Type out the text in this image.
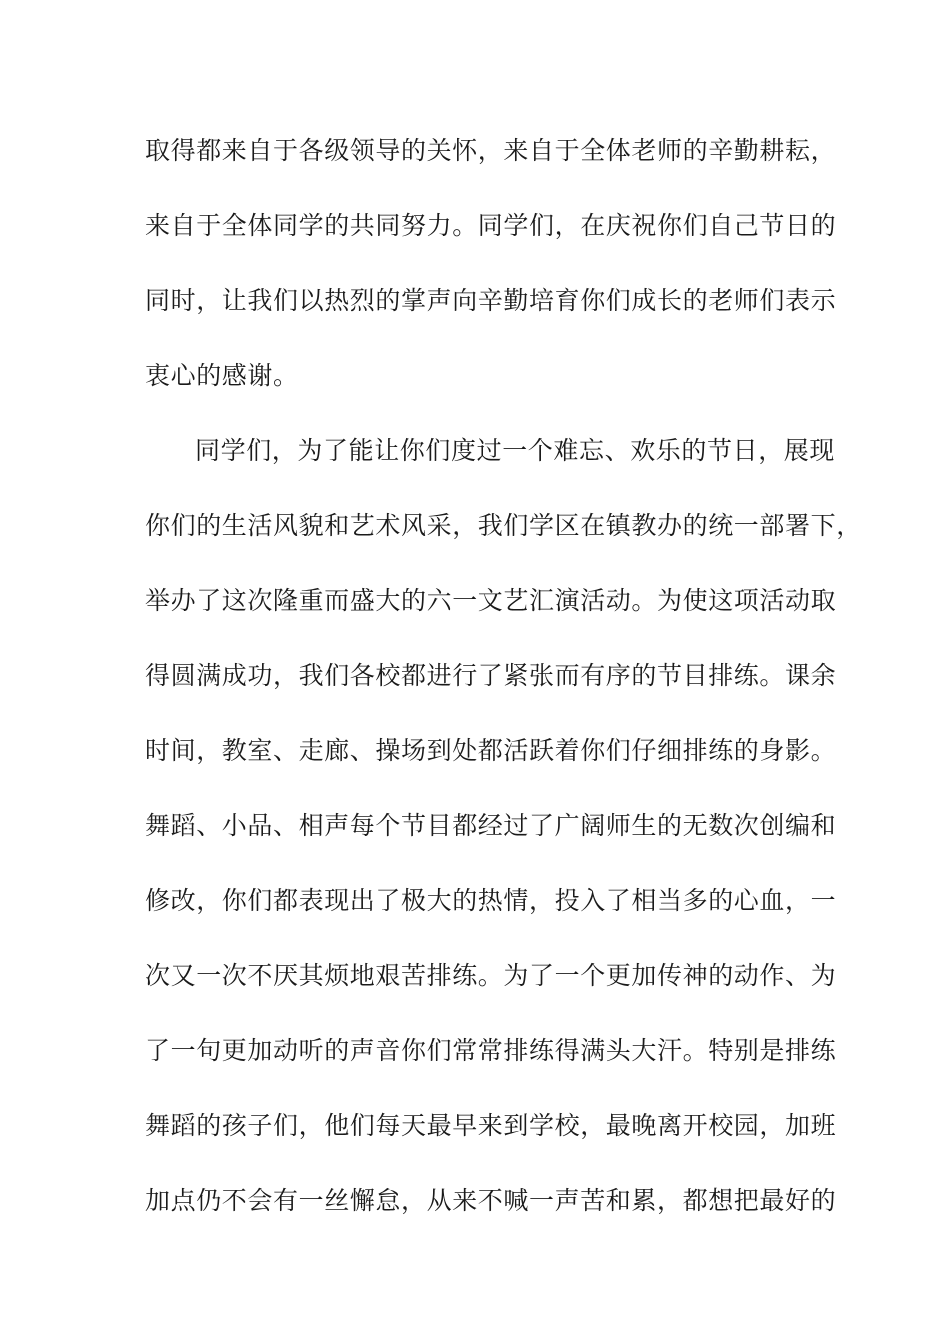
取得都来自于各级领导的关怀，来自于全体老师的辛勤耕耘，
来自于全体同学的共同努力。同学们，在庆祝你们自己节日的
同时，让我们以热烈的掌声向辛勤培育你们成长的老师们表示
衷心的感谢。
同学们，为了能让你们度过一个难忘、欢乐的节日，展现
你们的生活风貌和艺术风采，我们学区在镇教办的统一部署下，
举办了这次隆重而盛大的六一文艺汇演活动。为使这项活动取
得圆满成功，我们各校都进行了紧张而有序的节目排练。课余
时间，教室、走廊、操场到处都活跃着你们仔细排练的身影。
舞蹈、小品、相声每个节目都经过了广阔师生的无数次创编和
修改，你们都表现出了极大的热情，投入了相当多的心血，一
次又一次不厌其烦地艰苦排练。为了一个更加传神的动作、为
了一句更加动听的声音你们常常排练得满头大汗。特别是排练
舞蹈的孩子们，他们每天最早来到学校，最晚离开校园，加班
加点仍不会有一丝懈怠，从来不喊一声苦和累，都想把最好的
